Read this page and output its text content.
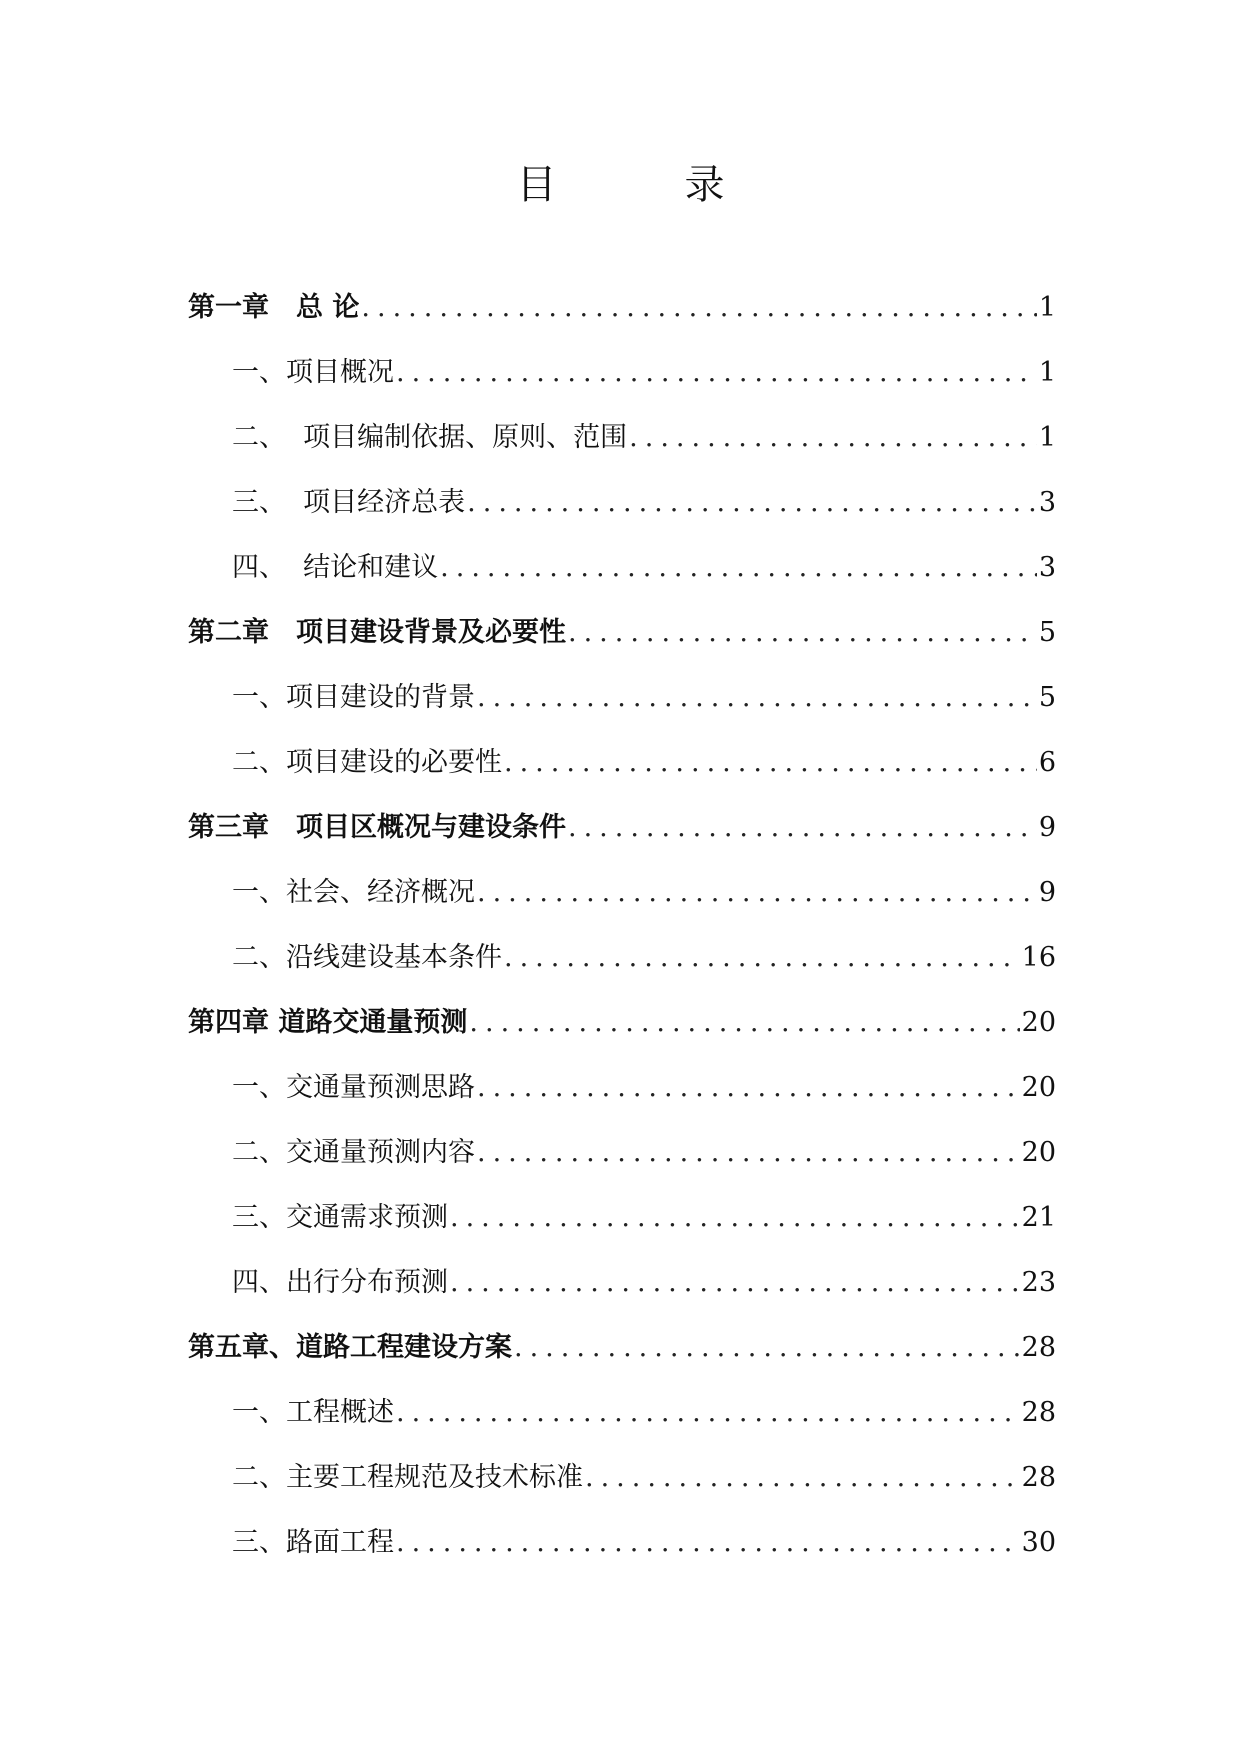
目	录
第一章　总 论 .....	1
一、项目概况 .....	1
二、  项目编制依据、原则、范围 .....	1
三、  项目经济总表 .....	3
四、  结论和建议 .....	3
第二章　项目建设背景及必要性 .....	5
一、项目建设的背景 .....	5
二、项目建设的必要性 .....	6
第三章　项目区概况与建设条件 .....	9
一、社会、经济概况 .....	9
二、沿线建设基本条件 .....	16
第四章 道路交通量预测 .....	20
一、交通量预测思路 .....	20
二、交通量预测内容 .....	20
三、交通需求预测 .....	21
四、出行分布预测 .....	23
第五章、道路工程建设方案 .....	28
一、工程概述 .....	28
二、主要工程规范及技术标准 .....	28
三、路面工程 .....	30
